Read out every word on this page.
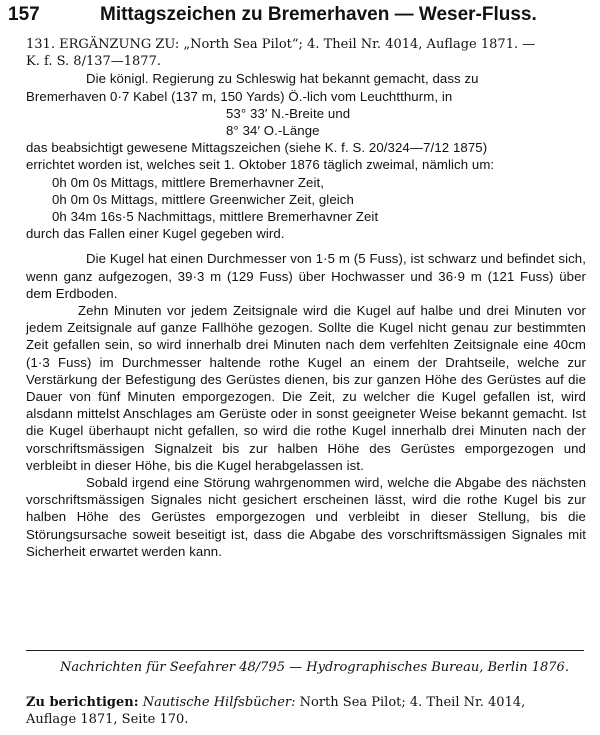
157	Mittagszeichen zu Bremerhaven — Weser-Fluss.

131. ERGÄNZUNG ZU: „North Sea Pilot“; 4. Theil Nr. 4014, Auflage 1871. —

K. f. S. 8/137—1877.

Die königl. Regierung zu Schleswig hat bekannt gemacht, dass zu

Bremerhaven 0·7 Kabel (137 m, 150 Yards) Ö.-lich vom Leuchtthurm, in

53° 33′ N.-Breite und

8° 34′ O.-Länge

das beabsichtigt gewesene Mittagszeichen (siehe K. f. S. 20/324—7/12 1875)

errichtet worden ist, welches seit 1. Oktober 1876 täglich zweimal, nämlich um:

0h 0m 0s Mittags, mittlere Bremerhavner Zeit,

0h 0m 0s Mittags, mittlere Greenwicher Zeit, gleich

0h 34m 16s·5 Nachmittags, mittlere Bremerhavner Zeit

durch das Fallen einer Kugel gegeben wird.

Die Kugel hat einen Durchmesser von 1·5 m (5 Fuss), ist schwarz und befindet sich, wenn ganz aufgezogen, 39·3 m (129 Fuss) über Hochwasser und 36·9 m (121 Fuss) über dem Erdboden.

Zehn Minuten vor jedem Zeitsignale wird die Kugel auf halbe und drei Minuten vor jedem Zeitsignale auf ganze Fallhöhe gezogen. Sollte die Kugel nicht genau zur bestimmten Zeit gefallen sein, so wird innerhalb drei Minuten nach dem verfehlten Zeitsignale eine 40cm (1·3 Fuss) im Durchmesser haltende rothe Kugel an einem der Drahtseile, welche zur Verstärkung der Befestigung des Gerüstes dienen, bis zur ganzen Höhe des Gerüstes auf die Dauer von fünf Minuten emporgezogen. Die Zeit, zu welcher die Kugel gefallen ist, wird alsdann mittelst Anschlages am Gerüste oder in sonst geeigneter Weise bekannt gemacht. Ist die Kugel überhaupt nicht gefallen, so wird die rothe Kugel innerhalb drei Minuten nach der vorschriftsmässigen Signalzeit bis zur halben Höhe des Gerüstes emporgezogen und verbleibt in dieser Höhe, bis die Kugel herabgelassen ist.

Sobald irgend eine Störung wahrgenommen wird, welche die Abgabe des nächsten vorschriftsmässigen Signales nicht gesichert erscheinen lässt, wird die rothe Kugel bis zur halben Höhe des Gerüstes emporgezogen und verbleibt in dieser Stellung, bis die Störungsursache soweit beseitigt ist, dass die Abgabe des vorschriftsmässigen Signales mit Sicherheit erwartet werden kann.

Nachrichten für Seefahrer 48/795 — Hydrographisches Bureau, Berlin 1876.
Zu berichtigen: Nautische Hilfsbücher: North Sea Pilot; 4. Theil Nr. 4014,
Auflage 1871, Seite 170.
